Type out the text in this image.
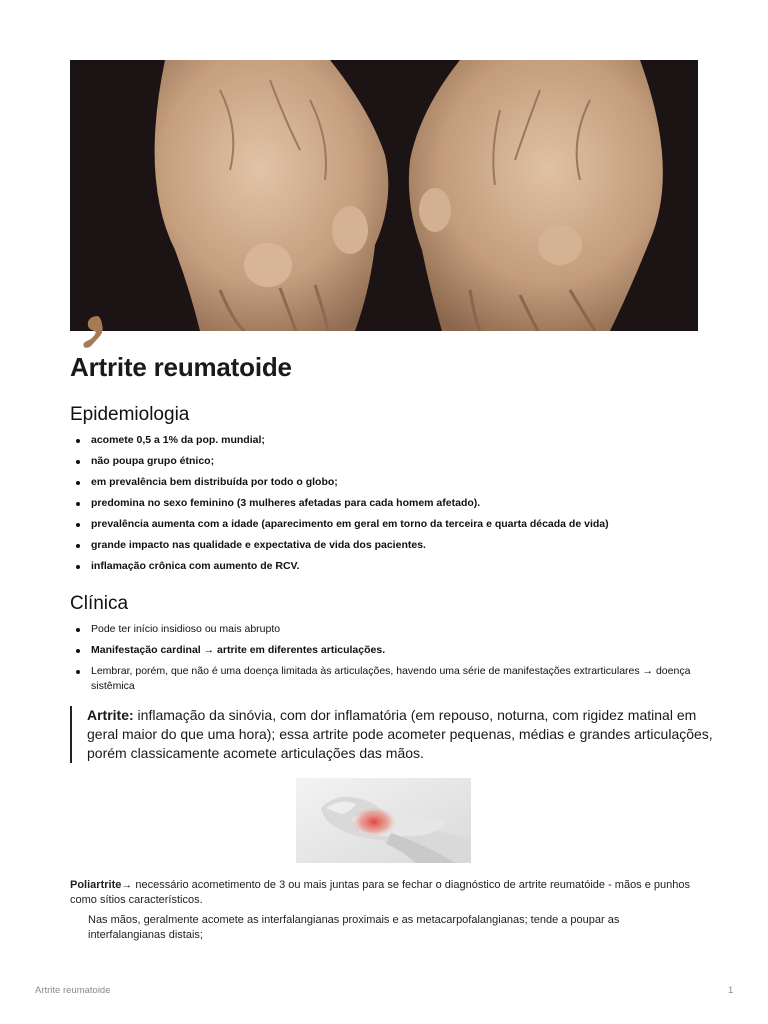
Artrite reumatoide
Epidemiologia
acomete 0,5 a 1% da pop. mundial;
não poupa grupo étnico;
em prevalência bem distribuída por todo o globo;
predomina no sexo feminino (3 mulheres afetadas para cada homem afetado).
prevalência aumenta com a idade (aparecimento em geral em torno da terceira e quarta década de vida)
grande impacto nas qualidade e expectativa de vida dos pacientes.
inflamação crônica com aumento de RCV.
Clínica
Pode ter início insidioso ou mais abrupto
Manifestação cardinal → artrite em diferentes articulações.
Lembrar, porém, que não é uma doença limitada às articulações, havendo uma série de manifestações extrarticulares → doença sistêmica
Artrite: inflamação da sinóvia, com dor inflamatória (em repouso, noturna, com rigidez matinal em geral maior do que uma hora); essa artrite pode acometer pequenas, médias e grandes articulações, porém classicamente acomete articulações das mãos.
Poliartrite→ necessário acometimento de 3 ou mais juntas para se fechar o diagnóstico de artrite reumatóide - mãos e punhos como sítios característicos.
Nas mãos, geralmente acomete as interfalangianas proximais e as metacarpofalangianas; tende a poupar as interfalangianas distais;
Artrite reumatoide	1
